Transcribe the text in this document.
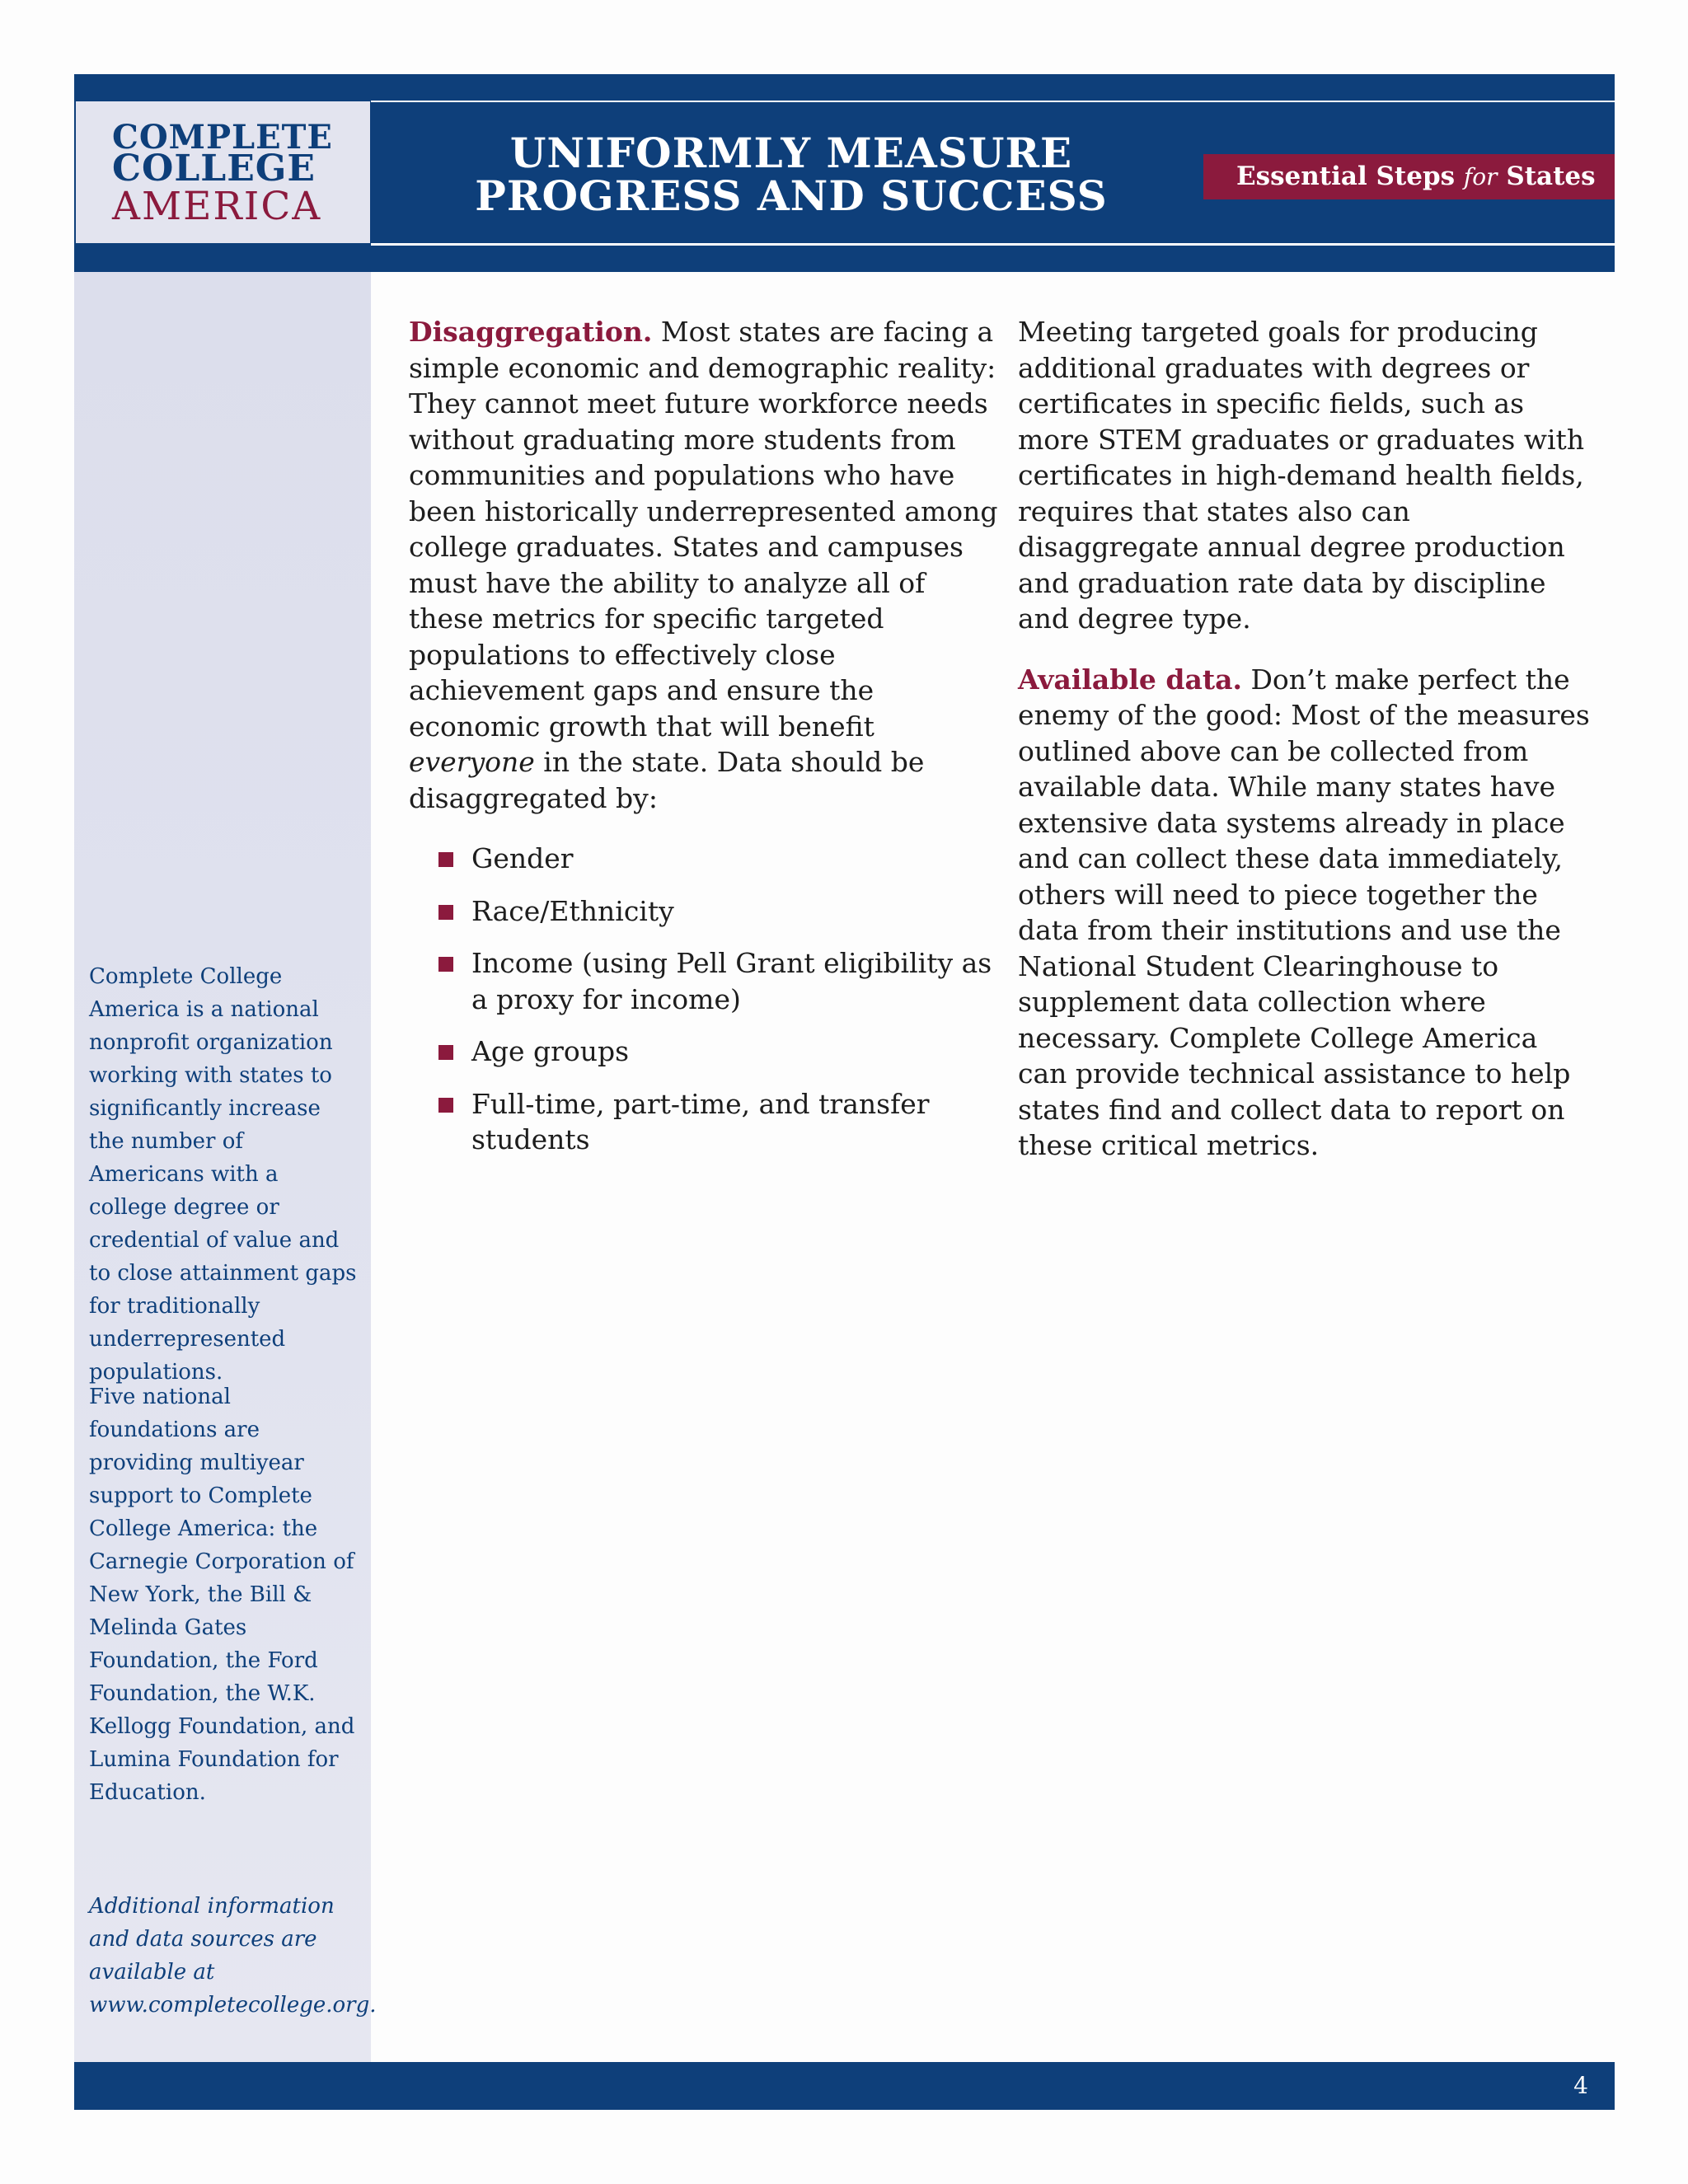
COMPLETE
COLLEGE
AMERICA
UNIFORMLY MEASURE
PROGRESS AND SUCCESS	Essential Steps for States
Complete College America is a national nonprofit organization working with states to significantly increase the number of Americans with a college degree or credential of value and to close attainment gaps for traditionally underrepresented populations.
Five national foundations are providing multiyear support to Complete College America: the Carnegie Corporation of New York, the Bill & Melinda Gates Foundation, the Ford Foundation, the W.K. Kellogg Foundation, and Lumina Foundation for Education.
Additional information and data sources are available at www.completecollege.org.

Disaggregation. Most states are facing a simple economic and demographic reality: They cannot meet future workforce needs without graduating more students from communities and populations who have been historically underrepresented among college graduates. States and campuses must have the ability to analyze all of these metrics for specific targeted populations to effectively close achievement gaps and ensure the economic growth that will benefit everyone in the state. Data should be disaggregated by:

Gender
Race/Ethnicity
Income (using Pell Grant eligibility as a proxy for income)
Age groups
Full-time, part-time, and transfer students

Meeting targeted goals for producing additional graduates with degrees or certificates in specific fields, such as more STEM graduates or graduates with certificates in high-demand health fields, requires that states also can disaggregate annual degree production and graduation rate data by discipline and degree type.

Available data. Don’t make perfect the enemy of the good: Most of the measures outlined above can be collected from available data. While many states have extensive data systems already in place and can collect these data immediately, others will need to piece together the data from their institutions and use the National Student Clearinghouse to supplement data collection where necessary. Complete College America can provide technical assistance to help states find and collect data to report on these critical metrics.

4
